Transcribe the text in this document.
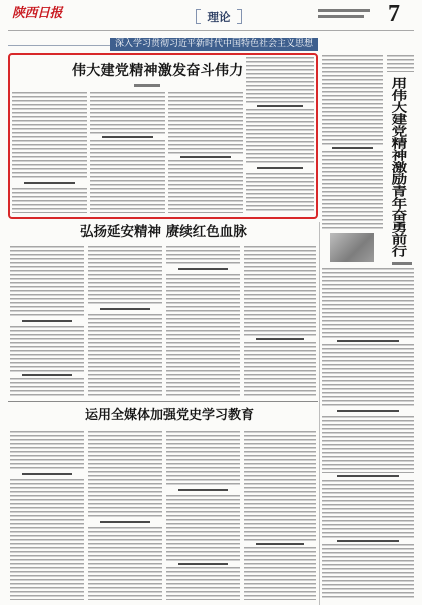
陕西日报	理论	7
深入学习贯彻习近平新时代中国特色社会主义思想
伟大建党精神激发奋斗伟力
用伟大建党精神激励青年奋勇前行
弘扬延安精神 赓续红色血脉
运用全媒体加强党史学习教育
